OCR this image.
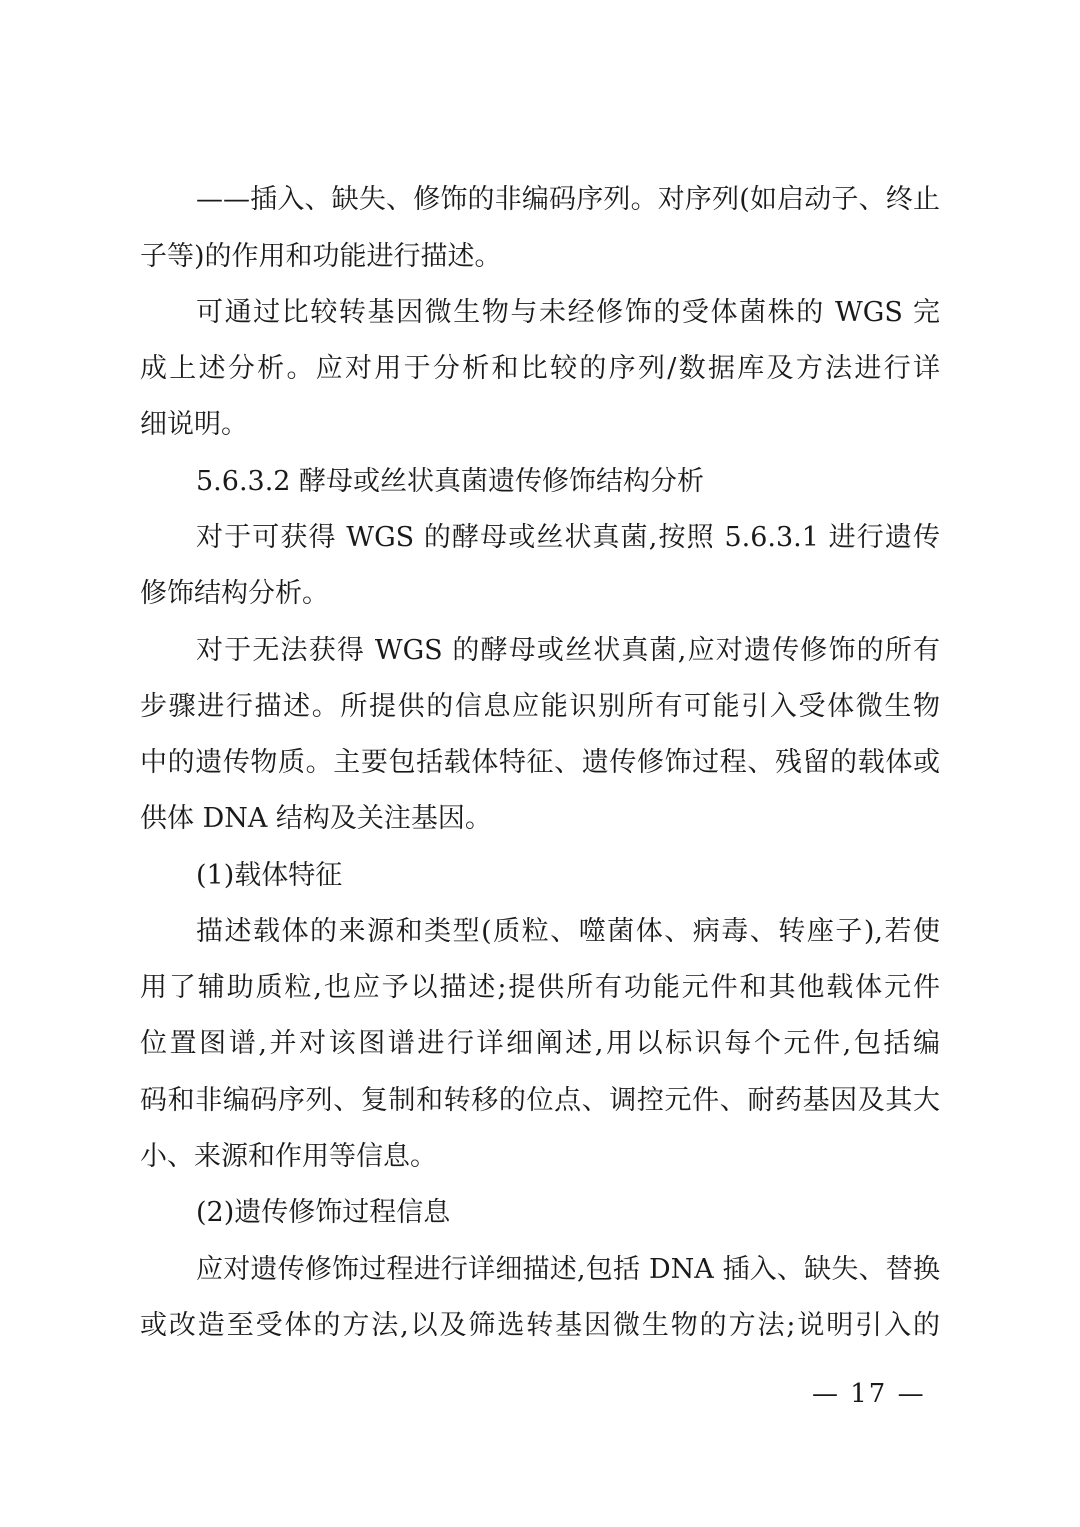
——插入、缺失、修饰的非编码序列。对序列(如启动子、终止
子等)的作用和功能进行描述。
可通过比较转基因微生物与未经修饰的受体菌株的 WGS 完
成上述分析。应对用于分析和比较的序列/数据库及方法进行详
细说明。
5.6.3.2 酵母或丝状真菌遗传修饰结构分析
对于可获得 WGS 的酵母或丝状真菌,按照 5.6.3.1 进行遗传
修饰结构分析。
对于无法获得 WGS 的酵母或丝状真菌,应对遗传修饰的所有
步骤进行描述。所提供的信息应能识别所有可能引入受体微生物
中的遗传物质。主要包括载体特征、遗传修饰过程、残留的载体或
供体 DNA 结构及关注基因。
(1)载体特征
描述载体的来源和类型(质粒、噬菌体、病毒、转座子),若使
用了辅助质粒,也应予以描述;提供所有功能元件和其他载体元件
位置图谱,并对该图谱进行详细阐述,用以标识每个元件,包括编
码和非编码序列、复制和转移的位点、调控元件、耐药基因及其大
小、来源和作用等信息。
(2)遗传修饰过程信息
应对遗传修饰过程进行详细描述,包括 DNA 插入、缺失、替换
或改造至受体的方法,以及筛选转基因微生物的方法;说明引入的
— 17 —
